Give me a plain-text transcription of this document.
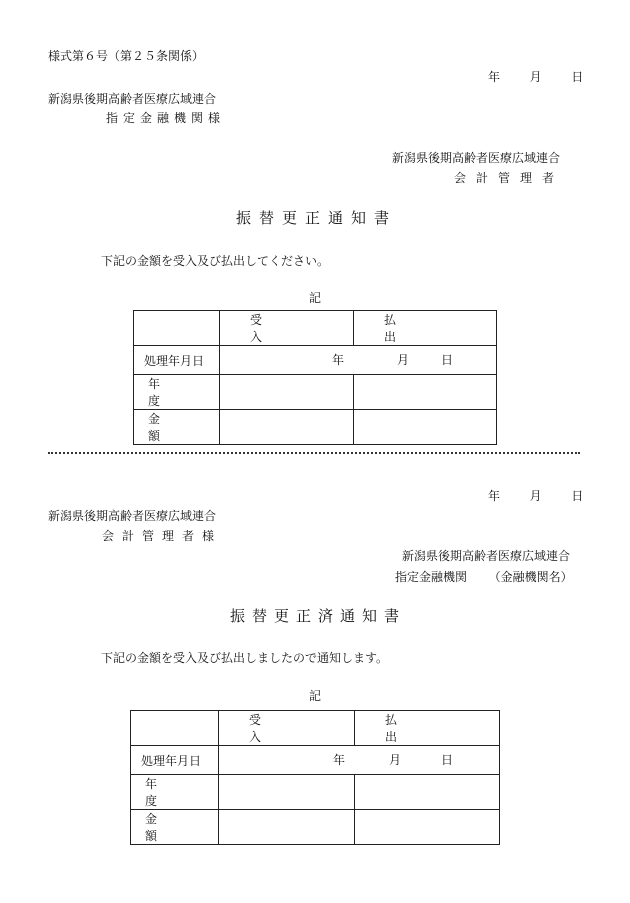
様式第６号（第２５条関係）
年 月 日
新潟県後期高齢者医療広域連合
指定金融機関様
新潟県後期高齢者医療広域連合
会計管理者
振替更正通知書
下記の金額を受入及び払出してください。
記

	受入	払出

処理年月日	年 月 日	

年度		
金額		
年 月 日
新潟県後期高齢者医療広域連合
会計管理者様
新潟県後期高齢者医療広域連合
指定金融機関 （金融機関名）
振替更正済通知書
下記の金額を受入及び払出しましたので通知します。
記

	受入	払出

処理年月日	年 月 日	

年度		
金額		
